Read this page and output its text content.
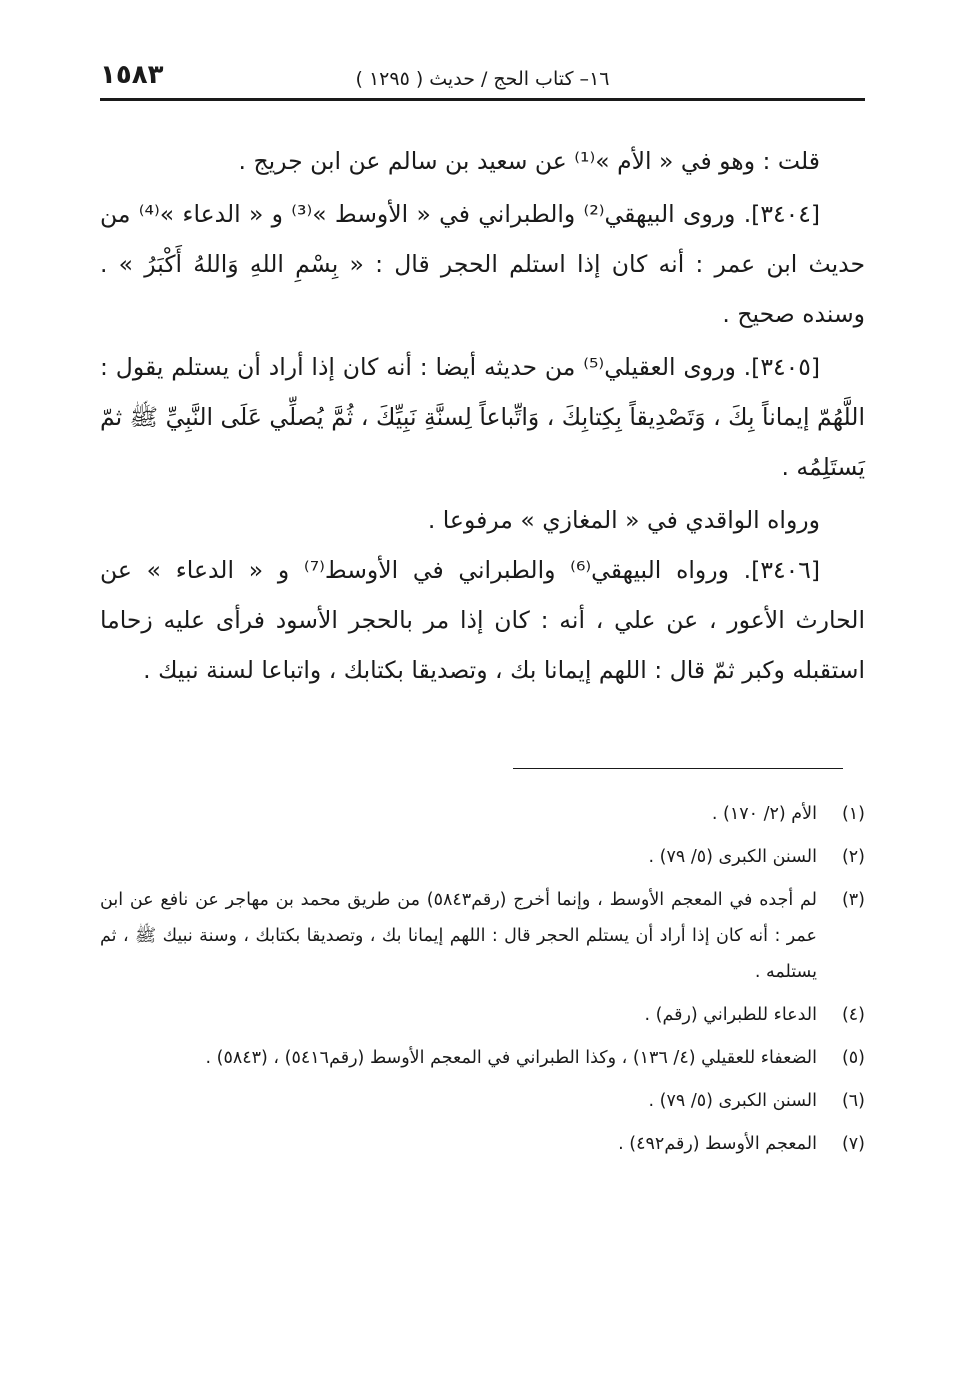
١٦– كتاب الحج / حديث ( ١٢٩٥ )
١٥٨٣

قلت : وهو في « الأم »⁽¹⁾ عن سعيد بن سالم عن ابن جريج .

[٣٤٠٤]. وروى البيهقي⁽²⁾ والطبراني في « الأوسط »⁽³⁾ و « الدعاء »⁽⁴⁾ من حديث ابن عمر : أنه كان إذا استلم الحجر قال : « بِسْمِ اللهِ وَاللهُ أَكْبَرُ » . وسنده صحيح .

[٣٤٠٥]. وروى العقيلي⁽⁵⁾ من حديثه أيضا : أنه كان إذا أراد أن يستلم يقول : اللَّهُمّ إيماناً بِكَ ، وَتَصْدِيقاً بِكِتابِكَ ، وَاتِّباعاً لِسنَّةِ نَبِيِّكَ ، ثُمَّ يُصلِّي عَلَى النَّبِيِّ ﷺ ثمّ يَستَلِمُه .

ورواه الواقدي في « المغازي » مرفوعا .

[٣٤٠٦]. ورواه البيهقي⁽⁶⁾ والطبراني في الأوسط⁽⁷⁾ و « الدعاء » عن الحارث الأعور ، عن علي ، أنه : كان إذا مر بالحجر الأسود فرأى عليه زحاما استقبله وكبر ثمّ قال : اللهم إيمانا بك ، وتصديقا بكتابك ، واتباعا لسنة نبيك .

(١)
الأم (٢/ ١٧٠) .
(٢)
السنن الكبرى (٥/ ٧٩) .
(٣)
لم أجده في المعجم الأوسط ، وإنما أخرج (رقم٥٨٤٣) من طريق محمد بن مهاجر عن نافع عن ابن عمر : أنه كان إذا أراد أن يستلم الحجر قال : اللهم إيمانا بك ، وتصديقا بكتابك ، وسنة نبيك ﷺ ، ثم يستلمه .
(٤)
الدعاء للطبراني (رقم) .
(٥)
الضعفاء للعقيلي (٤/ ١٣٦) ، وكذا الطبراني في المعجم الأوسط (رقم٥٤١٦) ، (٥٨٤٣) .
(٦)
السنن الكبرى (٥/ ٧٩) .
(٧)
المعجم الأوسط (رقم٤٩٢) .
